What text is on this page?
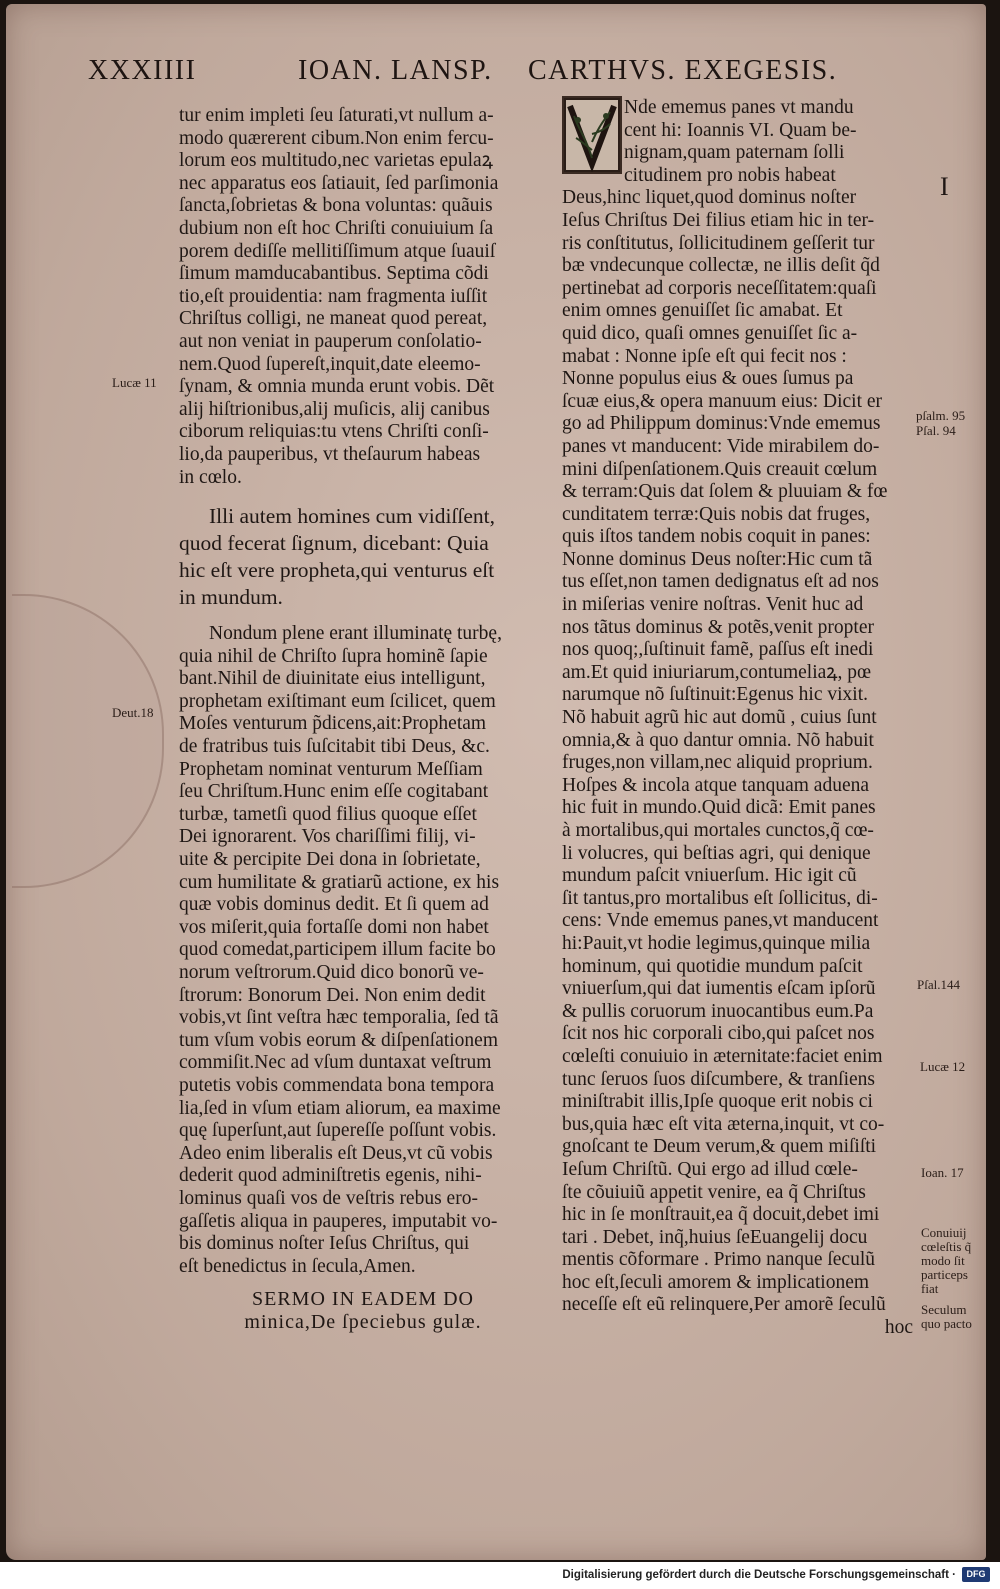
XXXIIII	IOAN. LANSP. CARTHVS. EXEGESIS.
I
tur enim impleti ſeu ſaturati,vt nullum a-
modo quærerent cibum.Non enim fercu-
lorum eos multitudo,nec varietas epulaꝝ
nec apparatus eos ſatiauit, ſed parſimonia
ſancta,ſobrietas & bona voluntas: quãuis
dubium non eſt hoc Chriſti conuiuium ſa
porem dediſſe mellitiſſimum atque ſuauiſ
ſimum mamducabantibus. Septima cõdi
tio,eſt prouidentia: nam fragmenta iuſſit
Chriſtus colligi, ne maneat quod pereat,
aut non veniat in pauperum conſolatio-
nem.Quod ſupereſt,inquit,date eleemo-
ſynam, & omnia munda erunt vobis. Dẽt
alij hiſtrionibus,alij muſicis, alij canibus
ciborum reliquias:tu vtens Chriſti conſi-
lio,da pauperibus, vt theſaurum habeas
in cœlo.
Illi autem homines cum vidiſſent,
quod fecerat ſignum, dicebant: Quia
hic eſt vere propheta,qui venturus eſt
in mundum.
Nondum plene erant illuminatę turbę,
quia nihil de Chriſto ſupra hominẽ ſapie
bant.Nihil de diuinitate eius intelligunt,
prophetam exiſtimant eum ſcilicet, quem
Moſes venturum p̃dicens,ait:Prophetam
de fratribus tuis ſuſcitabit tibi Deus, &c.
Prophetam nominat venturum Meſſiam
ſeu Chriſtum.Hunc enim eſſe cogitabant
turbæ, tametſi quod filius quoque eſſet
Dei ignorarent. Vos chariſſimi filij, vi-
uite & percipite Dei dona in ſobrietate,
cum humilitate & gratiarũ actione, ex his
quæ vobis dominus dedit. Et ſi quem ad
vos miſerit,quia fortaſſe domi non habet
quod comedat,participem illum facite bo
norum veſtrorum.Quid dico bonorũ ve-
ſtrorum: Bonorum Dei. Non enim dedit
vobis,vt ſint veſtra hæc temporalia, ſed tã
tum vſum vobis eorum & diſpenſationem
commiſit.Nec ad vſum duntaxat veſtrum
putetis vobis commendata bona tempora
lia,ſed in vſum etiam aliorum, ea maxime
quę ſuperſunt,aut ſupereſſe poſſunt vobis.
Adeo enim liberalis eſt Deus,vt cũ vobis
dederit quod adminiſtretis egenis, nihi-
lominus quaſi vos de veſtris rebus ero-
gaſſetis aliqua in pauperes, imputabit vo-
bis dominus noſter Ieſus Chriſtus, qui
eſt benedictus in ſecula,Amen.
SERMO IN EADEM DO
minica,De ſpeciebus gulæ.
Nde ememus panes vt mandu
cent hi: Ioannis VI. Quam be-
nignam,quam paternam ſolli
citudinem pro nobis habeat
Deus,hinc liquet,quod dominus noſter
Ieſus Chriſtus Dei filius etiam hic in ter-
ris conſtitutus, ſollicitudinem geſſerit tur
bæ vndecunque collectæ, ne illis deſit q̃d
pertinebat ad corporis neceſſitatem:quaſi
enim omnes genuiſſet ſic amabat. Et
quid dico, quaſi omnes genuiſſet ſic a-
mabat : Nonne ipſe eſt qui fecit nos :
Nonne populus eius & oues ſumus pa
ſcuæ eius,& opera manuum eius: Dicit er
go ad Philippum dominus:Vnde ememus
panes vt manducent: Vide mirabilem do-
mini diſpenſationem.Quis creauit cœlum
& terram:Quis dat ſolem & pluuiam & fœ
cunditatem terræ:Quis nobis dat fruges,
quis iſtos tandem nobis coquit in panes:
Nonne dominus Deus noſter:Hic cum tã
tus eſſet,non tamen dedignatus eſt ad nos
in miſerias venire noſtras. Venit huc ad
nos tãtus dominus & potẽs,venit propter
nos quoq;,ſuſtinuit famẽ, paſſus eſt inedi
am.Et quid iniuriarum,contumeliaꝝ, pœ
narumque nõ ſuſtinuit:Egenus hic vixit.
Nõ habuit agrũ hic aut domũ , cuius ſunt
omnia,& à quo dantur omnia. Nõ habuit
fruges,non villam,nec aliquid proprium.
Hoſpes & incola atque tanquam aduena
hic fuit in mundo.Quid dicã: Emit panes
à mortalibus,qui mortales cunctos,q̃ cœ-
li volucres, qui beſtias agri, qui denique
mundum paſcit vniuerſum. Hic igit cũ
ſit tantus,pro mortalibus eſt ſollicitus, di-
cens: Vnde ememus panes,vt manducent
hi:Pauit,vt hodie legimus,quinque milia
hominum, qui quotidie mundum paſcit
vniuerſum,qui dat iumentis eſcam ipſorũ
& pullis coruorum inuocantibus eum.Pa
ſcit nos hic corporali cibo,qui paſcet nos
cœleſti conuiuio in æternitate:faciet enim
tunc ſeruos ſuos diſcumbere, & tranſiens
miniſtrabit illis,Ipſe quoque erit nobis ci
bus,quia hæc eſt vita æterna,inquit, vt co-
gnoſcant te Deum verum,& quem miſiſti
Ieſum Chriſtũ. Qui ergo ad illud cœle-
ſte cõuiuiũ appetit venire, ea q̃ Chriſtus
hic in ſe monſtrauit,ea q̃ docuit,debet imi
tari . Debet, inq̃,huius ſeEuangelij docu
mentis cõformare . Primo nanque ſeculũ
hoc eſt,ſeculi amorem & implicationem
neceſſe eſt eũ relinquere,Per amorẽ ſeculũ
hoc
Lucæ 11
Deut.18
pſalm. 95
Pſal. 94
Pſal.144
Lucæ 12
Ioan. 17
Conuiuij
cœleſtis q̃
modo ſit
particeps
fiat
Seculum
quo pacto
Digitalisierung gefördert durch die Deutsche Forschungsgemeinschaft ·	DFG
